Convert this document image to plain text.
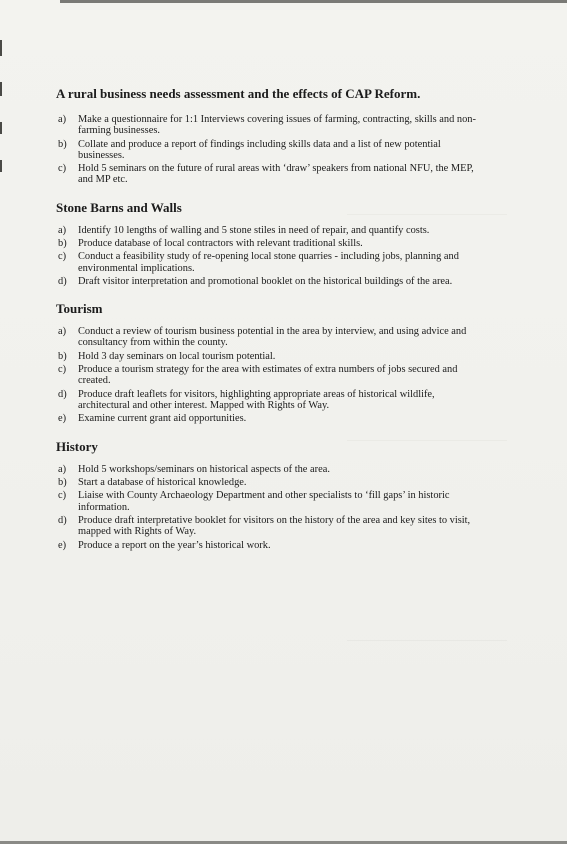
A rural business needs assessment and the effects of CAP Reform.
a) Make a questionnaire for 1:1 Interviews covering issues of farming, contracting, skills and non-farming businesses.
b) Collate and produce a report of findings including skills data and a list of new potential businesses.
c) Hold 5 seminars on the future of rural areas with ‘draw’ speakers from national NFU, the MEP, and MP etc.
Stone Barns and Walls
a) Identify 10 lengths of walling and 5 stone stiles in need of repair, and quantify costs.
b) Produce database of local contractors with relevant traditional skills.
c) Conduct a feasibility study of re-opening local stone quarries - including jobs, planning and environmental implications.
d) Draft visitor interpretation and promotional booklet on the historical buildings of the area.
Tourism
a) Conduct a review of tourism business potential in the area by interview, and using advice and consultancy from within the county.
b) Hold 3 day seminars on local tourism potential.
c) Produce a tourism strategy for the area with estimates of extra numbers of jobs secured and created.
d) Produce draft leaflets for visitors, highlighting appropriate areas of historical wildlife, architectural and other interest. Mapped with Rights of Way.
e) Examine current grant aid opportunities.
History
a) Hold 5 workshops/seminars on historical aspects of the area.
b) Start a database of historical knowledge.
c) Liaise with County Archaeology Department and other specialists to ‘fill gaps’ in historic information.
d) Produce draft interpretative booklet for visitors on the history of the area and key sites to visit, mapped with Rights of Way.
e) Produce a report on the year’s historical work.
